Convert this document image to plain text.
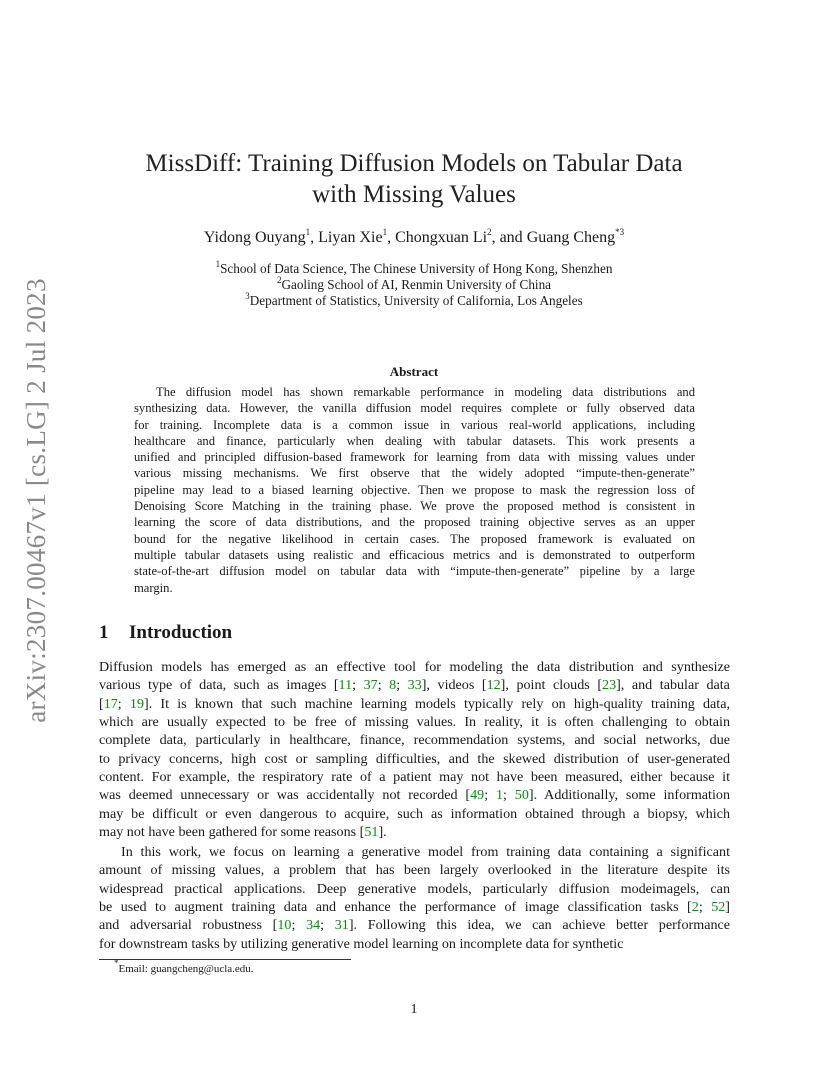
arXiv:2307.00467v1 [cs.LG] 2 Jul 2023
MissDiff: Training Diffusion Models on Tabular Data
with Missing Values
Yidong Ouyang$^1$, Liyan Xie$^1$, Chongxuan Li$^2$, and Guang Cheng$^{*3}$
$^1$School of Data Science, The Chinese University of Hong Kong, Shenzhen
$^2$Gaoling School of AI, Renmin University of China
$^3$Department of Statistics, University of California, Los Angeles
Abstract
The diffusion model has shown remarkable performance in modeling data distributions and
synthesizing data. However, the vanilla diffusion model requires complete or fully observed data
for training. Incomplete data is a common issue in various real-world applications, including
healthcare and finance, particularly when dealing with tabular datasets. This work presents a
unified and principled diffusion-based framework for learning from data with missing values under
various missing mechanisms. We first observe that the widely adopted “impute-then-generate”
pipeline may lead to a biased learning objective. Then we propose to mask the regression loss of
Denoising Score Matching in the training phase. We prove the proposed method is consistent in
learning the score of data distributions, and the proposed training objective serves as an upper
bound for the negative likelihood in certain cases. The proposed framework is evaluated on
multiple tabular datasets using realistic and efficacious metrics and is demonstrated to outperform
state-of-the-art diffusion model on tabular data with “impute-then-generate” pipeline by a large
margin.
1 Introduction
Diffusion models has emerged as an effective tool for modeling the data distribution and synthesize
various type of data, such as images [11; 37; 8; 33], videos [12], point clouds [23], and tabular data
[17; 19]. It is known that such machine learning models typically rely on high-quality training data,
which are usually expected to be free of missing values. In reality, it is often challenging to obtain
complete data, particularly in healthcare, finance, recommendation systems, and social networks, due
to privacy concerns, high cost or sampling difficulties, and the skewed distribution of user-generated
content. For example, the respiratory rate of a patient may not have been measured, either because it
was deemed unnecessary or was accidentally not recorded [49; 1; 50]. Additionally, some information
may be difficult or even dangerous to acquire, such as information obtained through a biopsy, which
may not have been gathered for some reasons [51].
In this work, we focus on learning a generative model from training data containing a significant
amount of missing values, a problem that has been largely overlooked in the literature despite its
widespread practical applications. Deep generative models, particularly diffusion modeimagels, can
be used to augment training data and enhance the performance of image classification tasks [2; 52]
and adversarial robustness [10; 34; 31]. Following this idea, we can achieve better performance
for downstream tasks by utilizing generative model learning on incomplete data for synthetic
*Email: guangcheng@ucla.edu.
1
